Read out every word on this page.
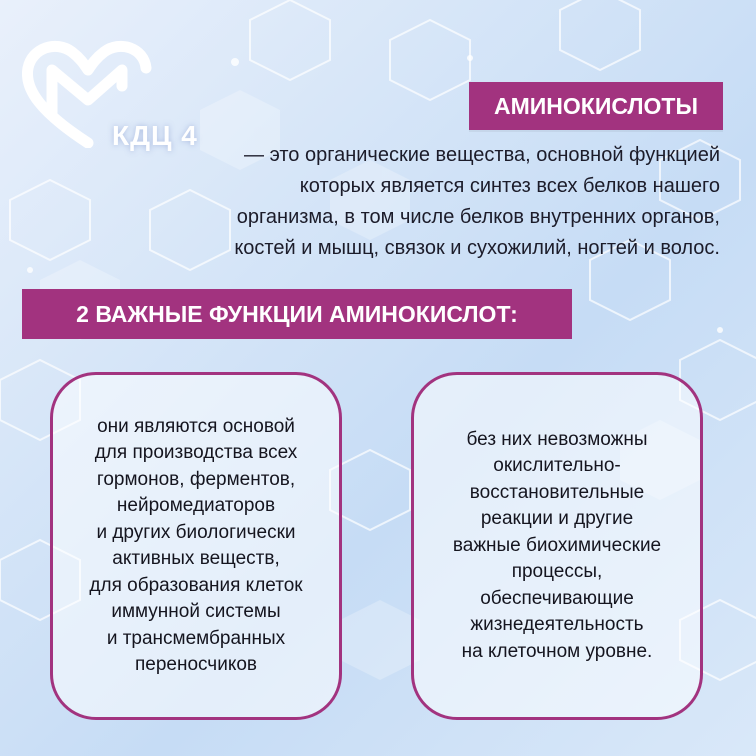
КДЦ 4
АМИНОКИСЛОТЫ
— это органические вещества, основной функцией
которых является синтез всех белков нашего
организма, в том числе белков внутренних органов,
костей и мышц, связок и сухожилий, ногтей и волос.
2 ВАЖНЫЕ ФУНКЦИИ АМИНОКИСЛОТ:
они являются основой
для производства всех
гормонов, ферментов,
нейромедиаторов
и других биологически
активных веществ,
для образования клеток
иммунной системы
и трансмембранных
переносчиков
без них невозможны
окислительно-
восстановительные
реакции и другие
важные биохимические
процессы,
обеспечивающие
жизнедеятельность
на клеточном уровне.
